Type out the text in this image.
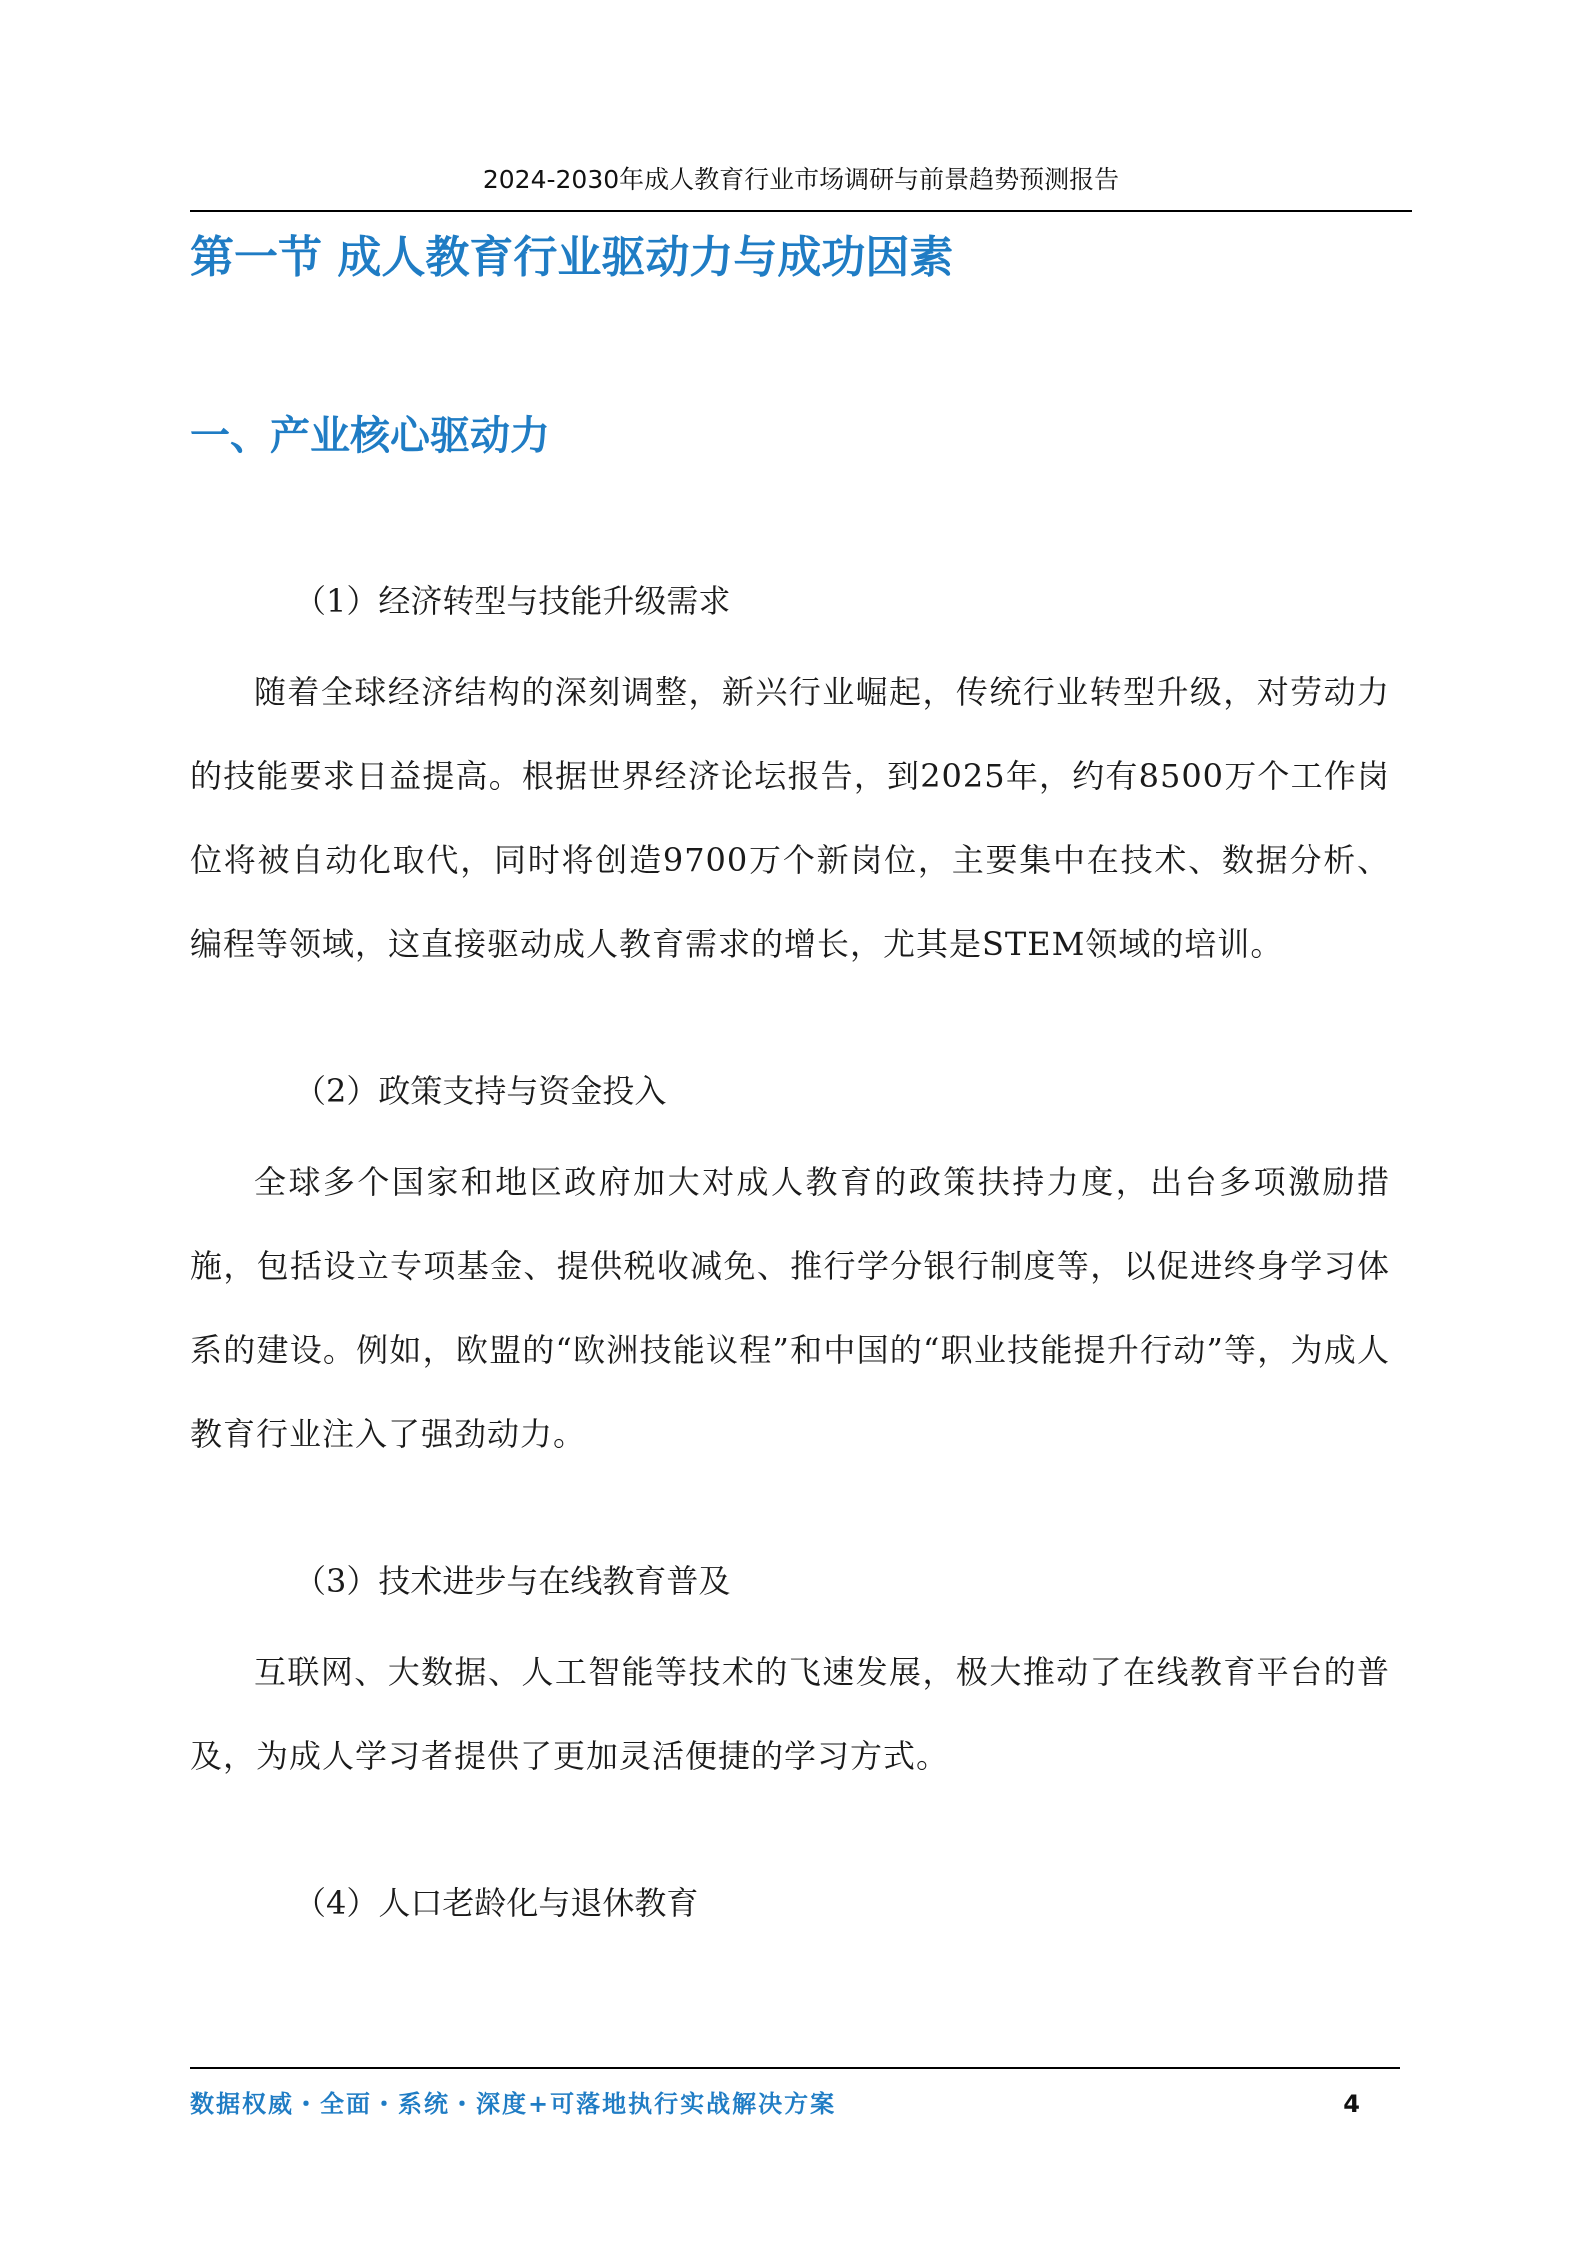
2024-2030年成人教育行业市场调研与前景趋势预测报告
第一节 成人教育行业驱动力与成功因素
一、产业核心驱动力

（1）经济转型与技能升级需求

随着全球经济结构的深刻调整，新兴行业崛起，传统行业转型升级，对劳动力的技能要求日益提高。根据世界经济论坛报告，到2025年，约有8500万个工作岗位将被自动化取代，同时将创造9700万个新岗位，主要集中在技术、数据分析、编程等领域，这直接驱动成人教育需求的增长，尤其是STEM领域的培训。

（2）政策支持与资金投入

全球多个国家和地区政府加大对成人教育的政策扶持力度，出台多项激励措施，包括设立专项基金、提供税收减免、推行学分银行制度等，以促进终身学习体系的建设。例如，欧盟的“欧洲技能议程”和中国的“职业技能提升行动”等，为成人教育行业注入了强劲动力。

（3）技术进步与在线教育普及

互联网、大数据、人工智能等技术的飞速发展，极大推动了在线教育平台的普及，为成人学习者提供了更加灵活便捷的学习方式。

（4）人口老龄化与退休教育

数据权威・全面・系统・深度+可落地执行实战解决方案	4
